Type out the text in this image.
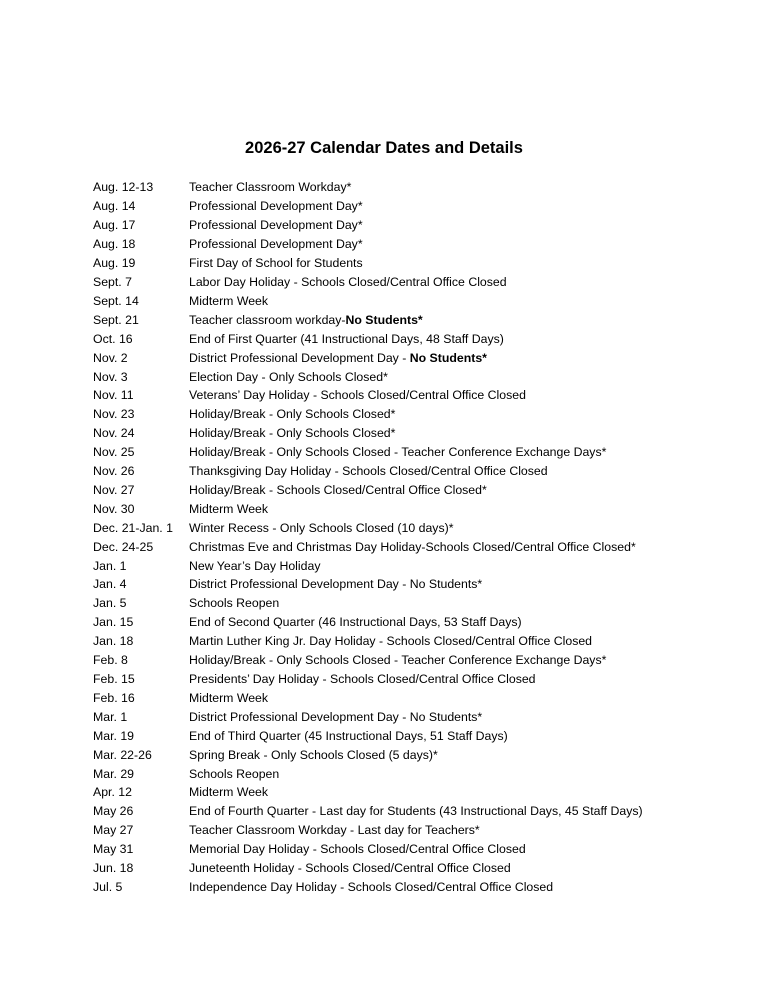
2026-27 Calendar Dates and Details
Aug. 12-13	Teacher Classroom Workday*
Aug. 14	Professional Development Day*
Aug. 17	Professional Development Day*
Aug. 18	Professional Development Day*
Aug. 19	First Day of School for Students
Sept. 7	Labor Day Holiday - Schools Closed/Central Office Closed
Sept. 14	Midterm Week
Sept. 21	Teacher classroom workday-No Students*
Oct. 16	End of First Quarter (41 Instructional Days, 48 Staff Days)
Nov. 2	District Professional Development Day - No Students*
Nov. 3	Election Day - Only Schools Closed*
Nov. 11	Veterans’ Day Holiday - Schools Closed/Central Office Closed
Nov. 23	Holiday/Break - Only Schools Closed*
Nov. 24	Holiday/Break - Only Schools Closed*
Nov. 25	Holiday/Break - Only Schools Closed - Teacher Conference Exchange Days*
Nov. 26	Thanksgiving Day Holiday - Schools Closed/Central Office Closed
Nov. 27	Holiday/Break - Schools Closed/Central Office Closed*
Nov. 30	Midterm Week
Dec. 21-Jan. 1	Winter Recess - Only Schools Closed (10 days)*
Dec. 24-25	Christmas Eve and Christmas Day Holiday-Schools Closed/Central Office Closed*
Jan. 1	New Year’s Day Holiday
Jan. 4	District Professional Development Day - No Students*
Jan. 5	Schools Reopen
Jan. 15	End of Second Quarter (46 Instructional Days, 53 Staff Days)
Jan. 18	Martin Luther King Jr. Day Holiday - Schools Closed/Central Office Closed
Feb. 8	Holiday/Break - Only Schools Closed - Teacher Conference Exchange Days*
Feb. 15	Presidents’ Day Holiday - Schools Closed/Central Office Closed
Feb. 16	Midterm Week
Mar. 1	District Professional Development Day - No Students*
Mar. 19	End of Third Quarter (45 Instructional Days, 51 Staff Days)
Mar. 22-26	Spring Break - Only Schools Closed (5 days)*
Mar. 29	Schools Reopen
Apr. 12	Midterm Week
May 26	End of Fourth Quarter - Last day for Students (43 Instructional Days, 45 Staff Days)
May 27	Teacher Classroom Workday - Last day for Teachers*
May 31	Memorial Day Holiday - Schools Closed/Central Office Closed
Jun. 18	Juneteenth Holiday - Schools Closed/Central Office Closed
Jul. 5	Independence Day Holiday - Schools Closed/Central Office Closed
